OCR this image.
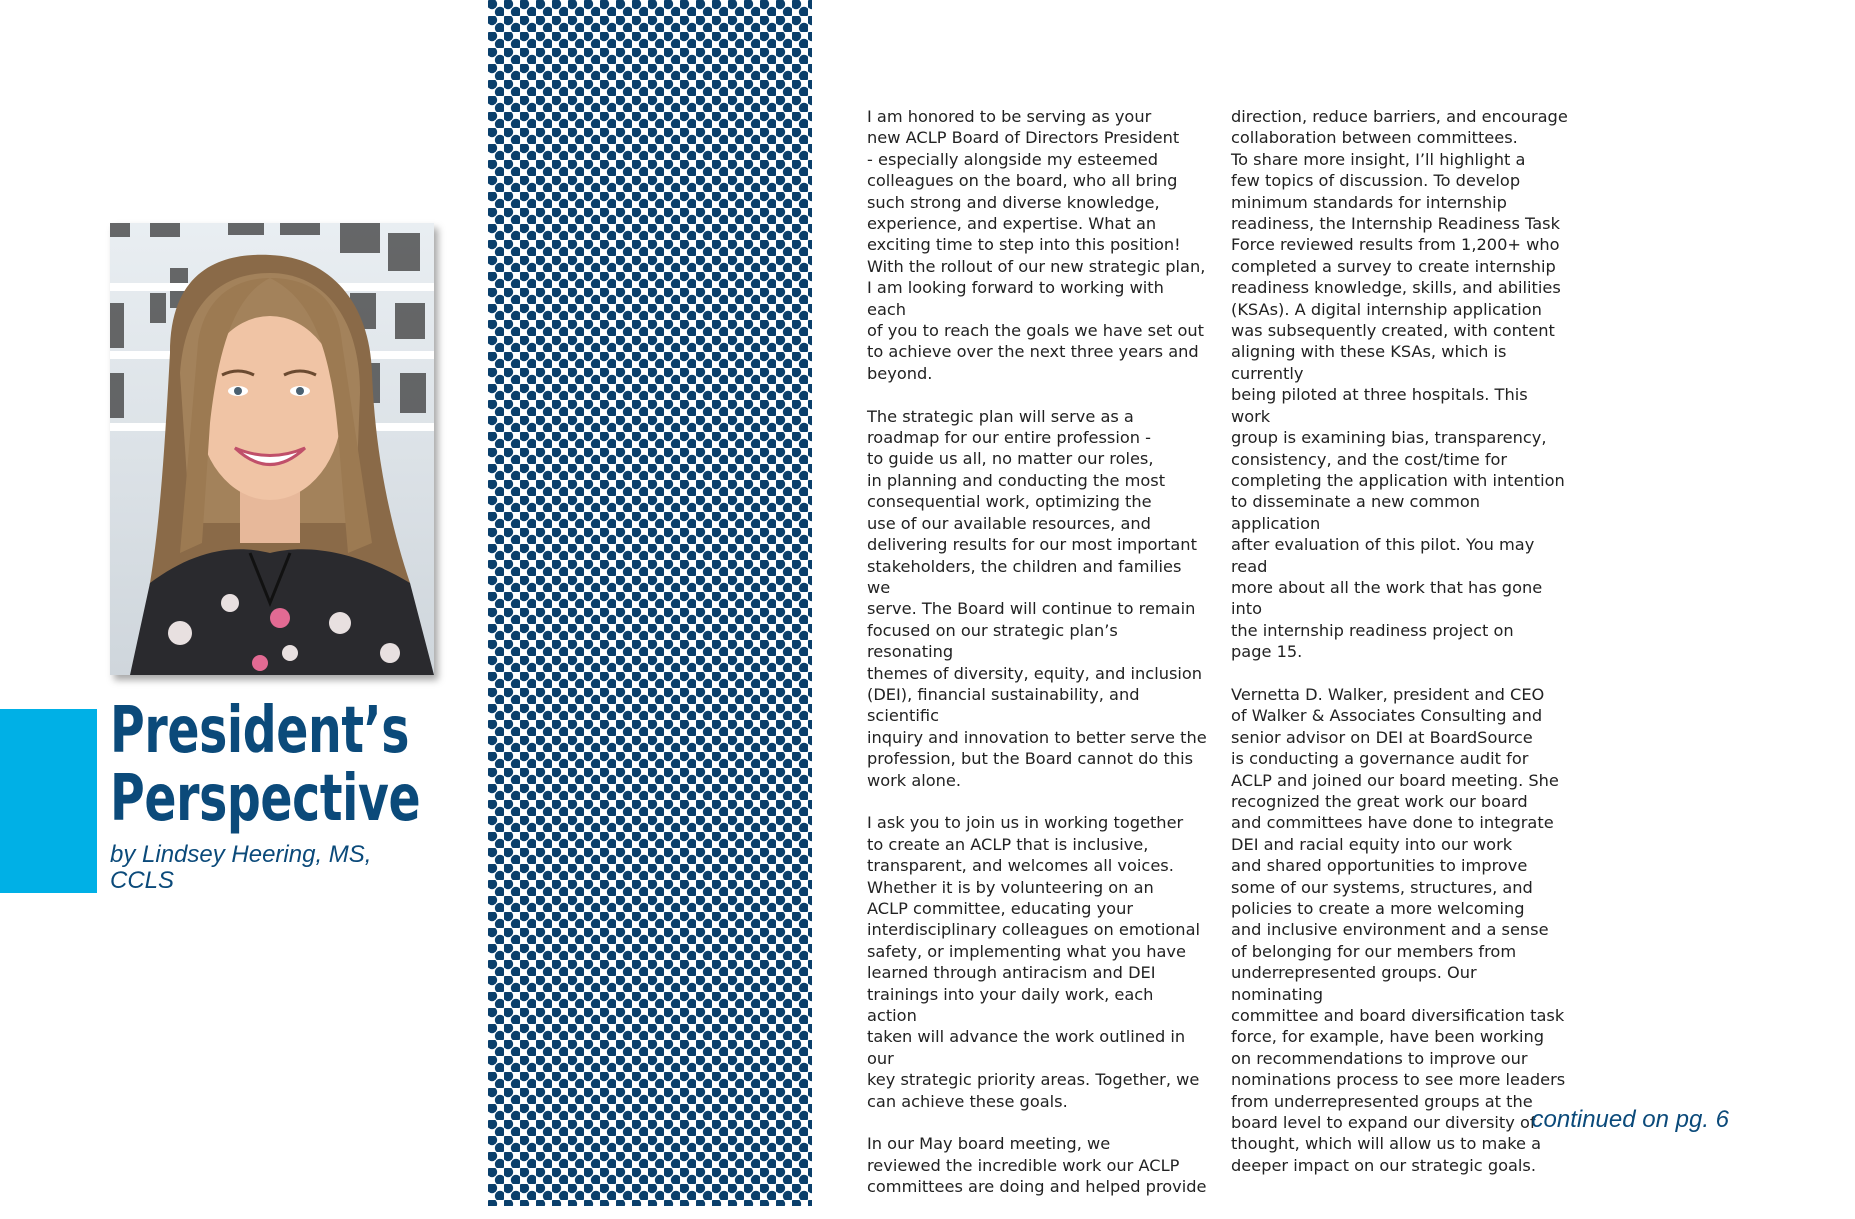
President’s
Perspective
by Lindsey Heering, MS, CCLS

I am honored to be serving as your
new ACLP Board of Directors President
- especially alongside my esteemed
colleagues on the board, who all bring
such strong and diverse knowledge,
experience, and expertise. What an
exciting time to step into this position!
With the rollout of our new strategic plan,
I am looking forward to working with each
of you to reach the goals we have set out
to achieve over the next three years and
beyond.

The strategic plan will serve as a
roadmap for our entire profession -
to guide us all, no matter our roles,
in planning and conducting the most
consequential work, optimizing the
use of our available resources, and
delivering results for our most important
stakeholders, the children and families we
serve. The Board will continue to remain
focused on our strategic plan’s resonating
themes of diversity, equity, and inclusion
(DEI), financial sustainability, and scientific
inquiry and innovation to better serve the
profession, but the Board cannot do this
work alone.

I ask you to join us in working together
to create an ACLP that is inclusive,
transparent, and welcomes all voices.
Whether it is by volunteering on an
ACLP committee, educating your
interdisciplinary colleagues on emotional
safety, or implementing what you have
learned through antiracism and DEI
trainings into your daily work, each action
taken will advance the work outlined in our
key strategic priority areas. Together, we
can achieve these goals.

In our May board meeting, we
reviewed the incredible work our ACLP
committees are doing and helped provide

direction, reduce barriers, and encourage
collaboration between committees.
To share more insight, I’ll highlight a
few topics of discussion. To develop
minimum standards for internship
readiness, the Internship Readiness Task
Force reviewed results from 1,200+ who
completed a survey to create internship
readiness knowledge, skills, and abilities
(KSAs). A digital internship application
was subsequently created, with content
aligning with these KSAs, which is currently
being piloted at three hospitals. This work
group is examining bias, transparency,
consistency, and the cost/time for
completing the application with intention
to disseminate a new common application
after evaluation of this pilot. You may read
more about all the work that has gone into
the internship readiness project on
page 15.

Vernetta D. Walker, president and CEO
of Walker & Associates Consulting and
senior advisor on DEI at BoardSource
is conducting a governance audit for
ACLP and joined our board meeting. She
recognized the great work our board
and committees have done to integrate
DEI and racial equity into our work
and shared opportunities to improve
some of our systems, structures, and
policies to create a more welcoming
and inclusive environment and a sense
of belonging for our members from
underrepresented groups. Our nominating
committee and board diversification task
force, for example, have been working
on recommendations to improve our
nominations process to see more leaders
from underrepresented groups at the
board level to expand our diversity of
thought, which will allow us to make a
deeper impact on our strategic goals.

continued on pg. 6
